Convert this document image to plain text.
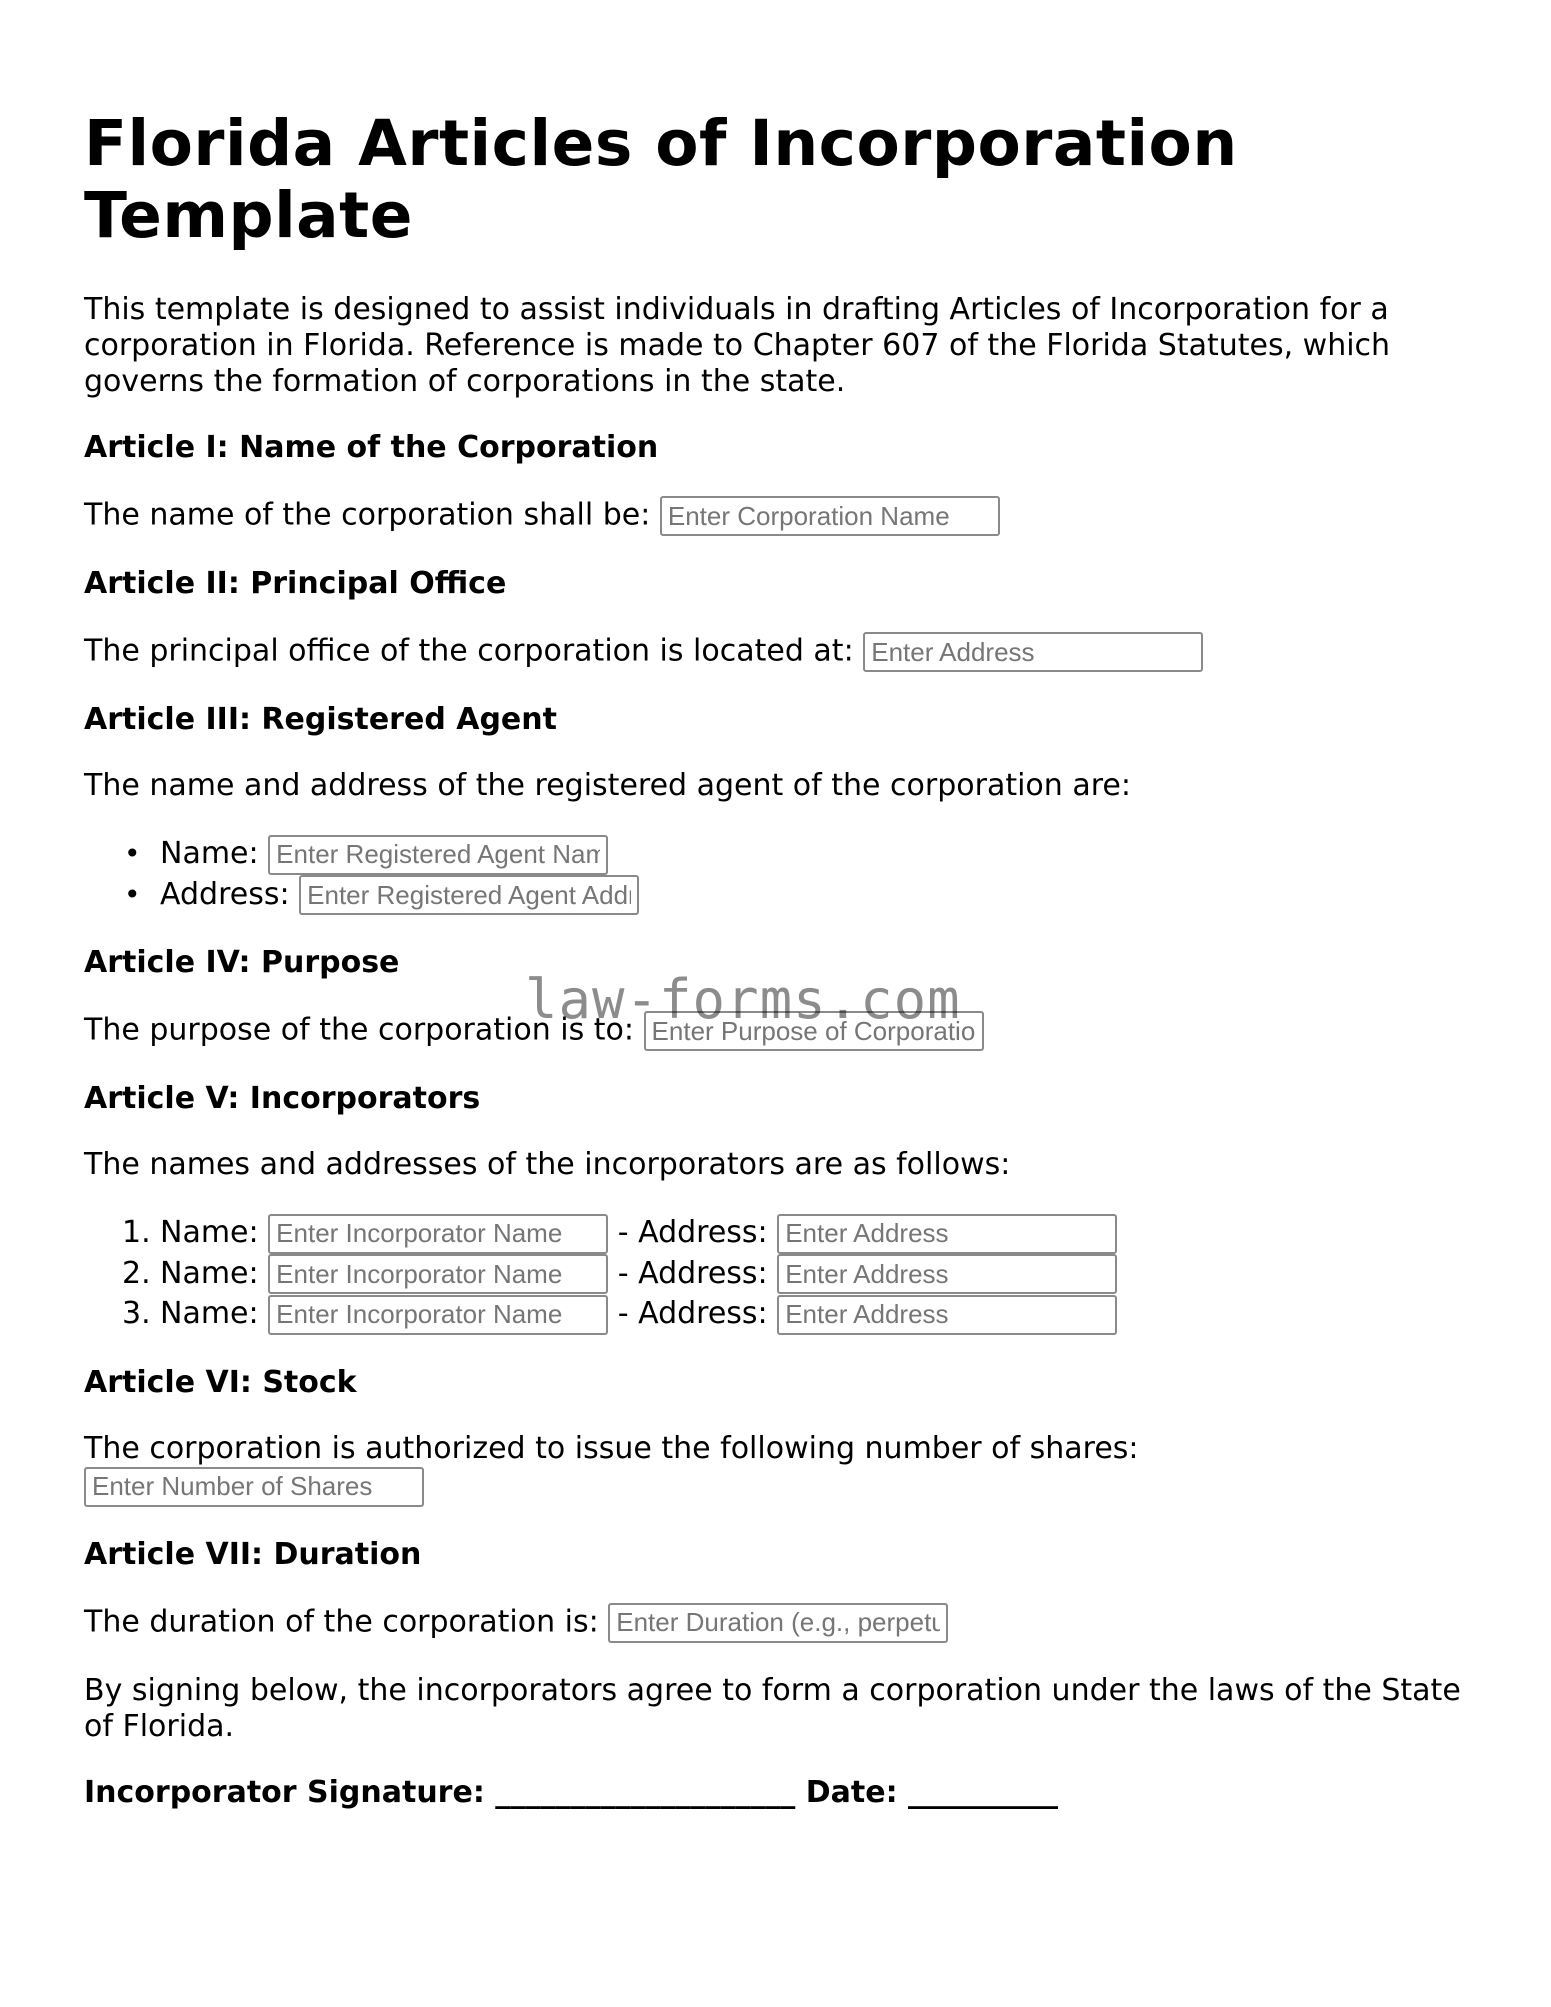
Florida Articles of Incorporation Template

This template is designed to assist individuals in drafting Articles of Incorporation for a corporation in Florida. Reference is made to Chapter 607 of the Florida Statutes, which governs the formation of corporations in the state.

Article I: Name of the Corporation

The name of the corporation shall be: Enter Corporation Name

Article II: Principal Office

The principal office of the corporation is located at: Enter Address

Article III: Registered Agent

The name and address of the registered agent of the corporation are:

• Name: Enter Registered Agent Name
• Address: Enter Registered Agent Address
Article IV: Purpose

The purpose of the corporation is to: Enter Purpose of Corporation

Article V: Incorporators

The names and addresses of the incorporators are as follows:

1. Name: Enter Incorporator Name	- Address: Enter Address
2. Name: Enter Incorporator Name	- Address: Enter Address
3. Name: Enter Incorporator Name	- Address: Enter Address
Article VI: Stock

The corporation is authorized to issue the following number of shares:
Enter Number of Shares

Article VII: Duration

The duration of the corporation is: Enter Duration (e.g., perpetual)

By signing below, the incorporators agree to form a corporation under the laws of the State of Florida.

Incorporator Signature: ____________________ Date: __________

law-forms.com
